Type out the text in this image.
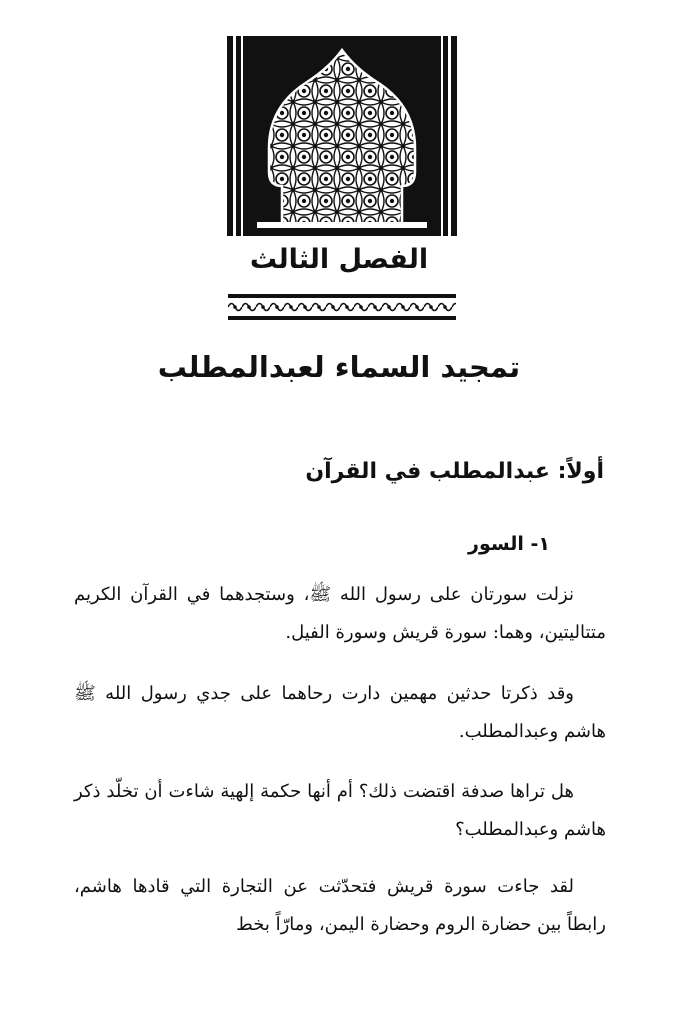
الفصل الثالث
تمجيد السماء لعبدالمطلب
أولاً: عبدالمطلب في القرآن
١- السور

نزلت سورتان على رسول الله ﷺ، وستجدهما في القرآن الكريم متتاليتين، وهما: سورة قريش وسورة الفيل.

وقد ذكرتا حدثين مهمين دارت رحاهما على جدي رسول الله ﷺ هاشم وعبدالمطلب.

هل تراها صدفة اقتضت ذلك؟ أم أنها حكمة إلهية شاءت أن تخلّد ذكر هاشم وعبدالمطلب؟

لقد جاءت سورة قريش فتحدّثت عن التجارة التي قادها هاشم، رابطاً بين حضارة الروم وحضارة اليمن، ومارّاً بخط
